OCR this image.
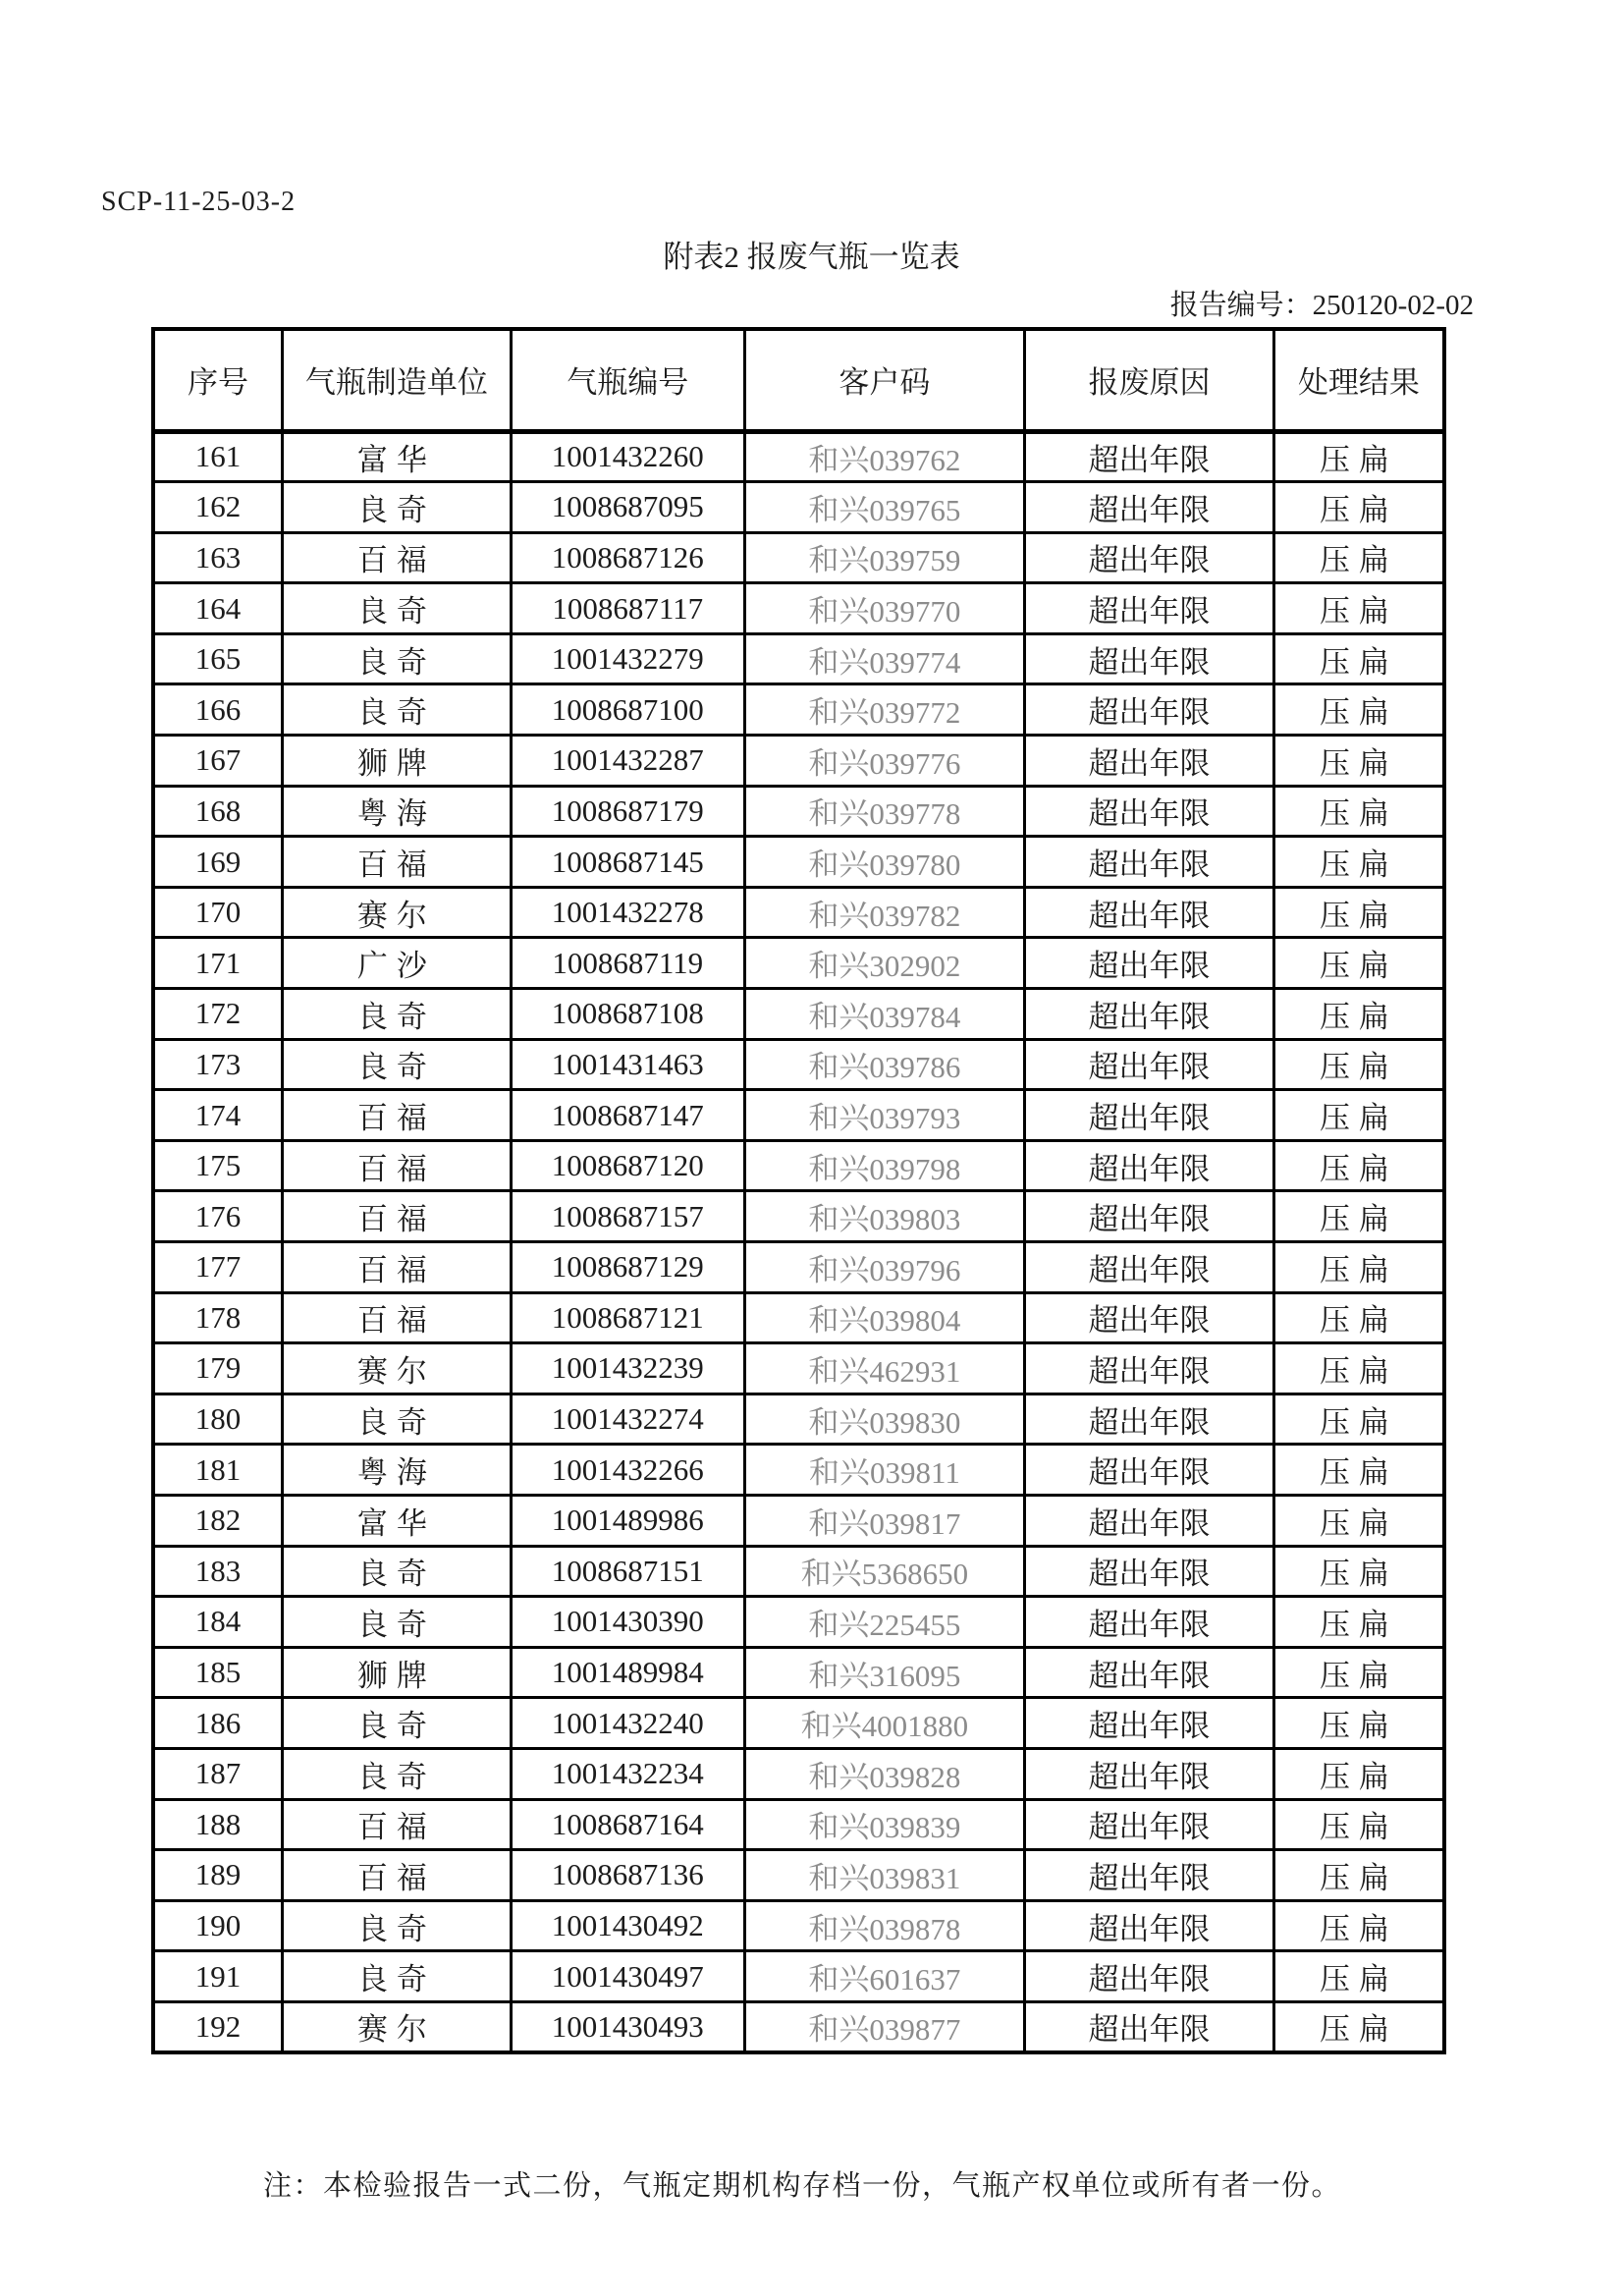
SCP-11-25-03-2
附表2 报废气瓶一览表
报告编号：250120-02-02
序号	气瓶制造单位	气瓶编号	客户码	报废原因	处理结果
161	富华	1001432260	和兴039762	超出年限	压扁
162	良奇	1008687095	和兴039765	超出年限	压扁
163	百福	1008687126	和兴039759	超出年限	压扁
164	良奇	1008687117	和兴039770	超出年限	压扁
165	良奇	1001432279	和兴039774	超出年限	压扁
166	良奇	1008687100	和兴039772	超出年限	压扁
167	狮牌	1001432287	和兴039776	超出年限	压扁
168	粤海	1008687179	和兴039778	超出年限	压扁
169	百福	1008687145	和兴039780	超出年限	压扁
170	赛尔	1001432278	和兴039782	超出年限	压扁
171	广沙	1008687119	和兴302902	超出年限	压扁
172	良奇	1008687108	和兴039784	超出年限	压扁
173	良奇	1001431463	和兴039786	超出年限	压扁
174	百福	1008687147	和兴039793	超出年限	压扁
175	百福	1008687120	和兴039798	超出年限	压扁
176	百福	1008687157	和兴039803	超出年限	压扁
177	百福	1008687129	和兴039796	超出年限	压扁
178	百福	1008687121	和兴039804	超出年限	压扁
179	赛尔	1001432239	和兴462931	超出年限	压扁
180	良奇	1001432274	和兴039830	超出年限	压扁
181	粤海	1001432266	和兴039811	超出年限	压扁
182	富华	1001489986	和兴039817	超出年限	压扁
183	良奇	1008687151	和兴5368650	超出年限	压扁
184	良奇	1001430390	和兴225455	超出年限	压扁
185	狮牌	1001489984	和兴316095	超出年限	压扁
186	良奇	1001432240	和兴4001880	超出年限	压扁
187	良奇	1001432234	和兴039828	超出年限	压扁
188	百福	1008687164	和兴039839	超出年限	压扁
189	百福	1008687136	和兴039831	超出年限	压扁
190	良奇	1001430492	和兴039878	超出年限	压扁
191	良奇	1001430497	和兴601637	超出年限	压扁
192	赛尔	1001430493	和兴039877	超出年限	压扁
注：本检验报告一式二份，气瓶定期机构存档一份，气瓶产权单位或所有者一份。
